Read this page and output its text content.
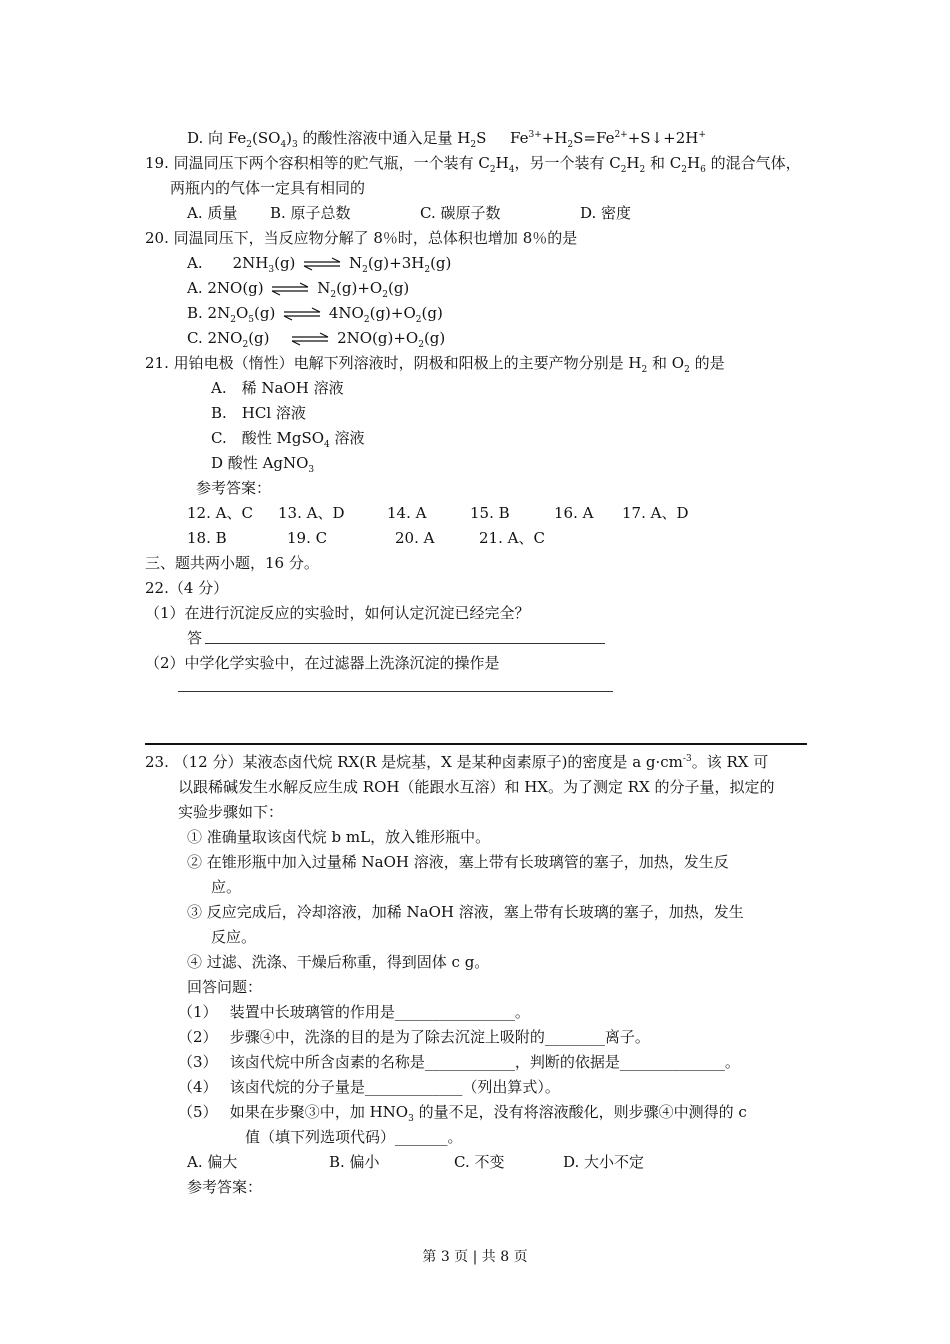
D. 向 $Fe_2(SO_4)_3$ 的酸性溶液中通入足量 $H_2S$ $Fe^{3+}+H_2S=Fe^{2+}+S↓+2H^+$
19. 同温同压下两个容积相等的贮气瓶，一个装有 $C_2H_4$，另一个装有 $C_2H_2$ 和 $C_2H_6$ 的混合气体，
两瓶内的气体一定具有相同的
A. 质量 B. 原子总数	C. 碳原子数	D. 密度
20. 同温同压下，当反应物分解了 8％时，总体积也增加 8％的是
A. $2NH_3(g)$ ⇌ $N_2(g)+3H_2(g)$
A. 2NO(g) ⇌ $N_2(g)+O_2(g)$
B. $2N_2O_5(g)$ ⇌ $4NO_2(g)+O_2(g)$
C. $2NO_2(g)$ ⇌ $2NO(g)+O_2(g)$
21. 用铂电极（惰性）电解下列溶液时，阴极和阳极上的主要产物分别是 $H_2$ 和 $O_2$ 的是
A.　稀 NaOH 溶液
B.　HCl 溶液
C.　酸性 MgSO$_4$ 溶液
D 酸性 AgNO$_3$
参考答案：
12. A、C 13. A、D	14. A	15. B	16. A 17. A、D
18. B	19. C	20. A	21. A、C
三、题共两小题，16 分。
22.（4 分）
（1）在进行沉淀反应的实验时，如何认定沉淀已经完全？
答
（2）中学化学实验中，在过滤器上洗涤沉淀的操作是
23. （12 分）某液态卤代烷 RX(R 是烷基，X 是某种卤素原子)的密度是 a $g\cdot cm^{-3}$。该 RX 可
以跟稀碱发生水解反应生成 ROH（能跟水互溶）和 HX。为了测定 RX 的分子量，拟定的
实验步骤如下：
① 准确量取该卤代烷 b mL，放入锥形瓶中。
② 在锥形瓶中加入过量稀 NaOH 溶液，塞上带有长玻璃管的塞子，加热，发生反
应。
③ 反应完成后，冷却溶液，加稀 NaOH 溶液，塞上带有长玻璃的塞子，加热，发生
反应。
④ 过滤、洗涤、干燥后称重，得到固体 c g。
回答问题：
（1）　 装置中长玻璃管的作用是________________。
（2）　 步骤④中，洗涤的目的是为了除去沉淀上吸附的________离子。
（3）　 该卤代烷中所含卤素的名称是____________，判断的依据是______________。
（4）　 该卤代烷的分子量是_____________（列出算式）。
（5）　 如果在步聚③中，加 $HNO_3$ 的量不足，没有将溶液酸化，则步骤④中测得的 c
值（填下列选项代码）_______。
A. 偏大	B. 偏小	C. 不变	D. 大小不定
参考答案：
第 3 页 | 共 8 页
